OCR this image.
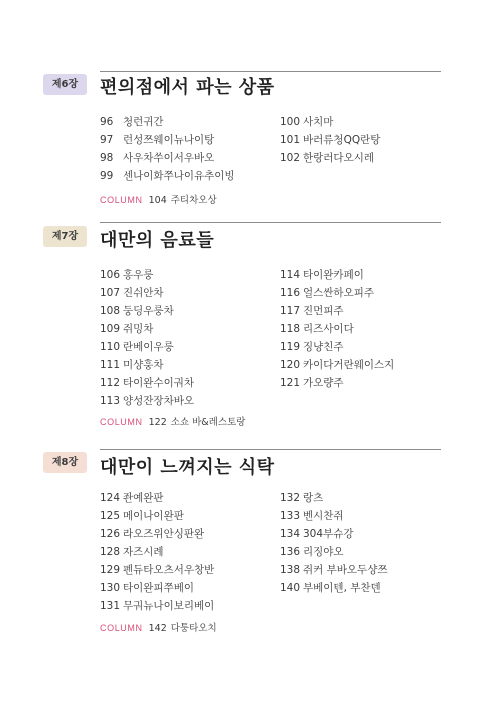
제6장	편의점에서 파는 상품
96 청런귀간
97 런성쯔웨이뉴나이탕
98 사우차쑤이서우바오
99 센나이화쭈나이유추이빙
100 사치마
101 바러류청QQ란탕
102 한랑러다오시레
COLUMN 104 주티차오상
제7장	대만의 음료들
106 홍우룽
107 진쉬안차
108 둥딩우룽차
109 쥐밍차
110 란베이우룽
111 미샹훙차
112 타이완수이궈차
113 양성잔장차바오
114 타이완카페이
116 얼스싼하오피주
117 진먼피주
118 리즈사이다
119 징냥친주
120 카이다거란웨이스지
121 가오량주
COLUMN 122 소쇼 바&레스토랑
제8장	대만이 느껴지는 식탁
124 좐예완판
125 메이나이완판
126 라오즈위안싱판완
128 자즈시례
129 펜듀타오츠서우창반
130 타이완피쭈베이
131 무궈뉴나이보리베이
132 랑츠
133 벤시찬쥐
134 304부슈강
136 리징야오
138 쥐커 부바오두샹쯔
140 부베이텐, 부찬덴
COLUMN 142 다퉁타오치
